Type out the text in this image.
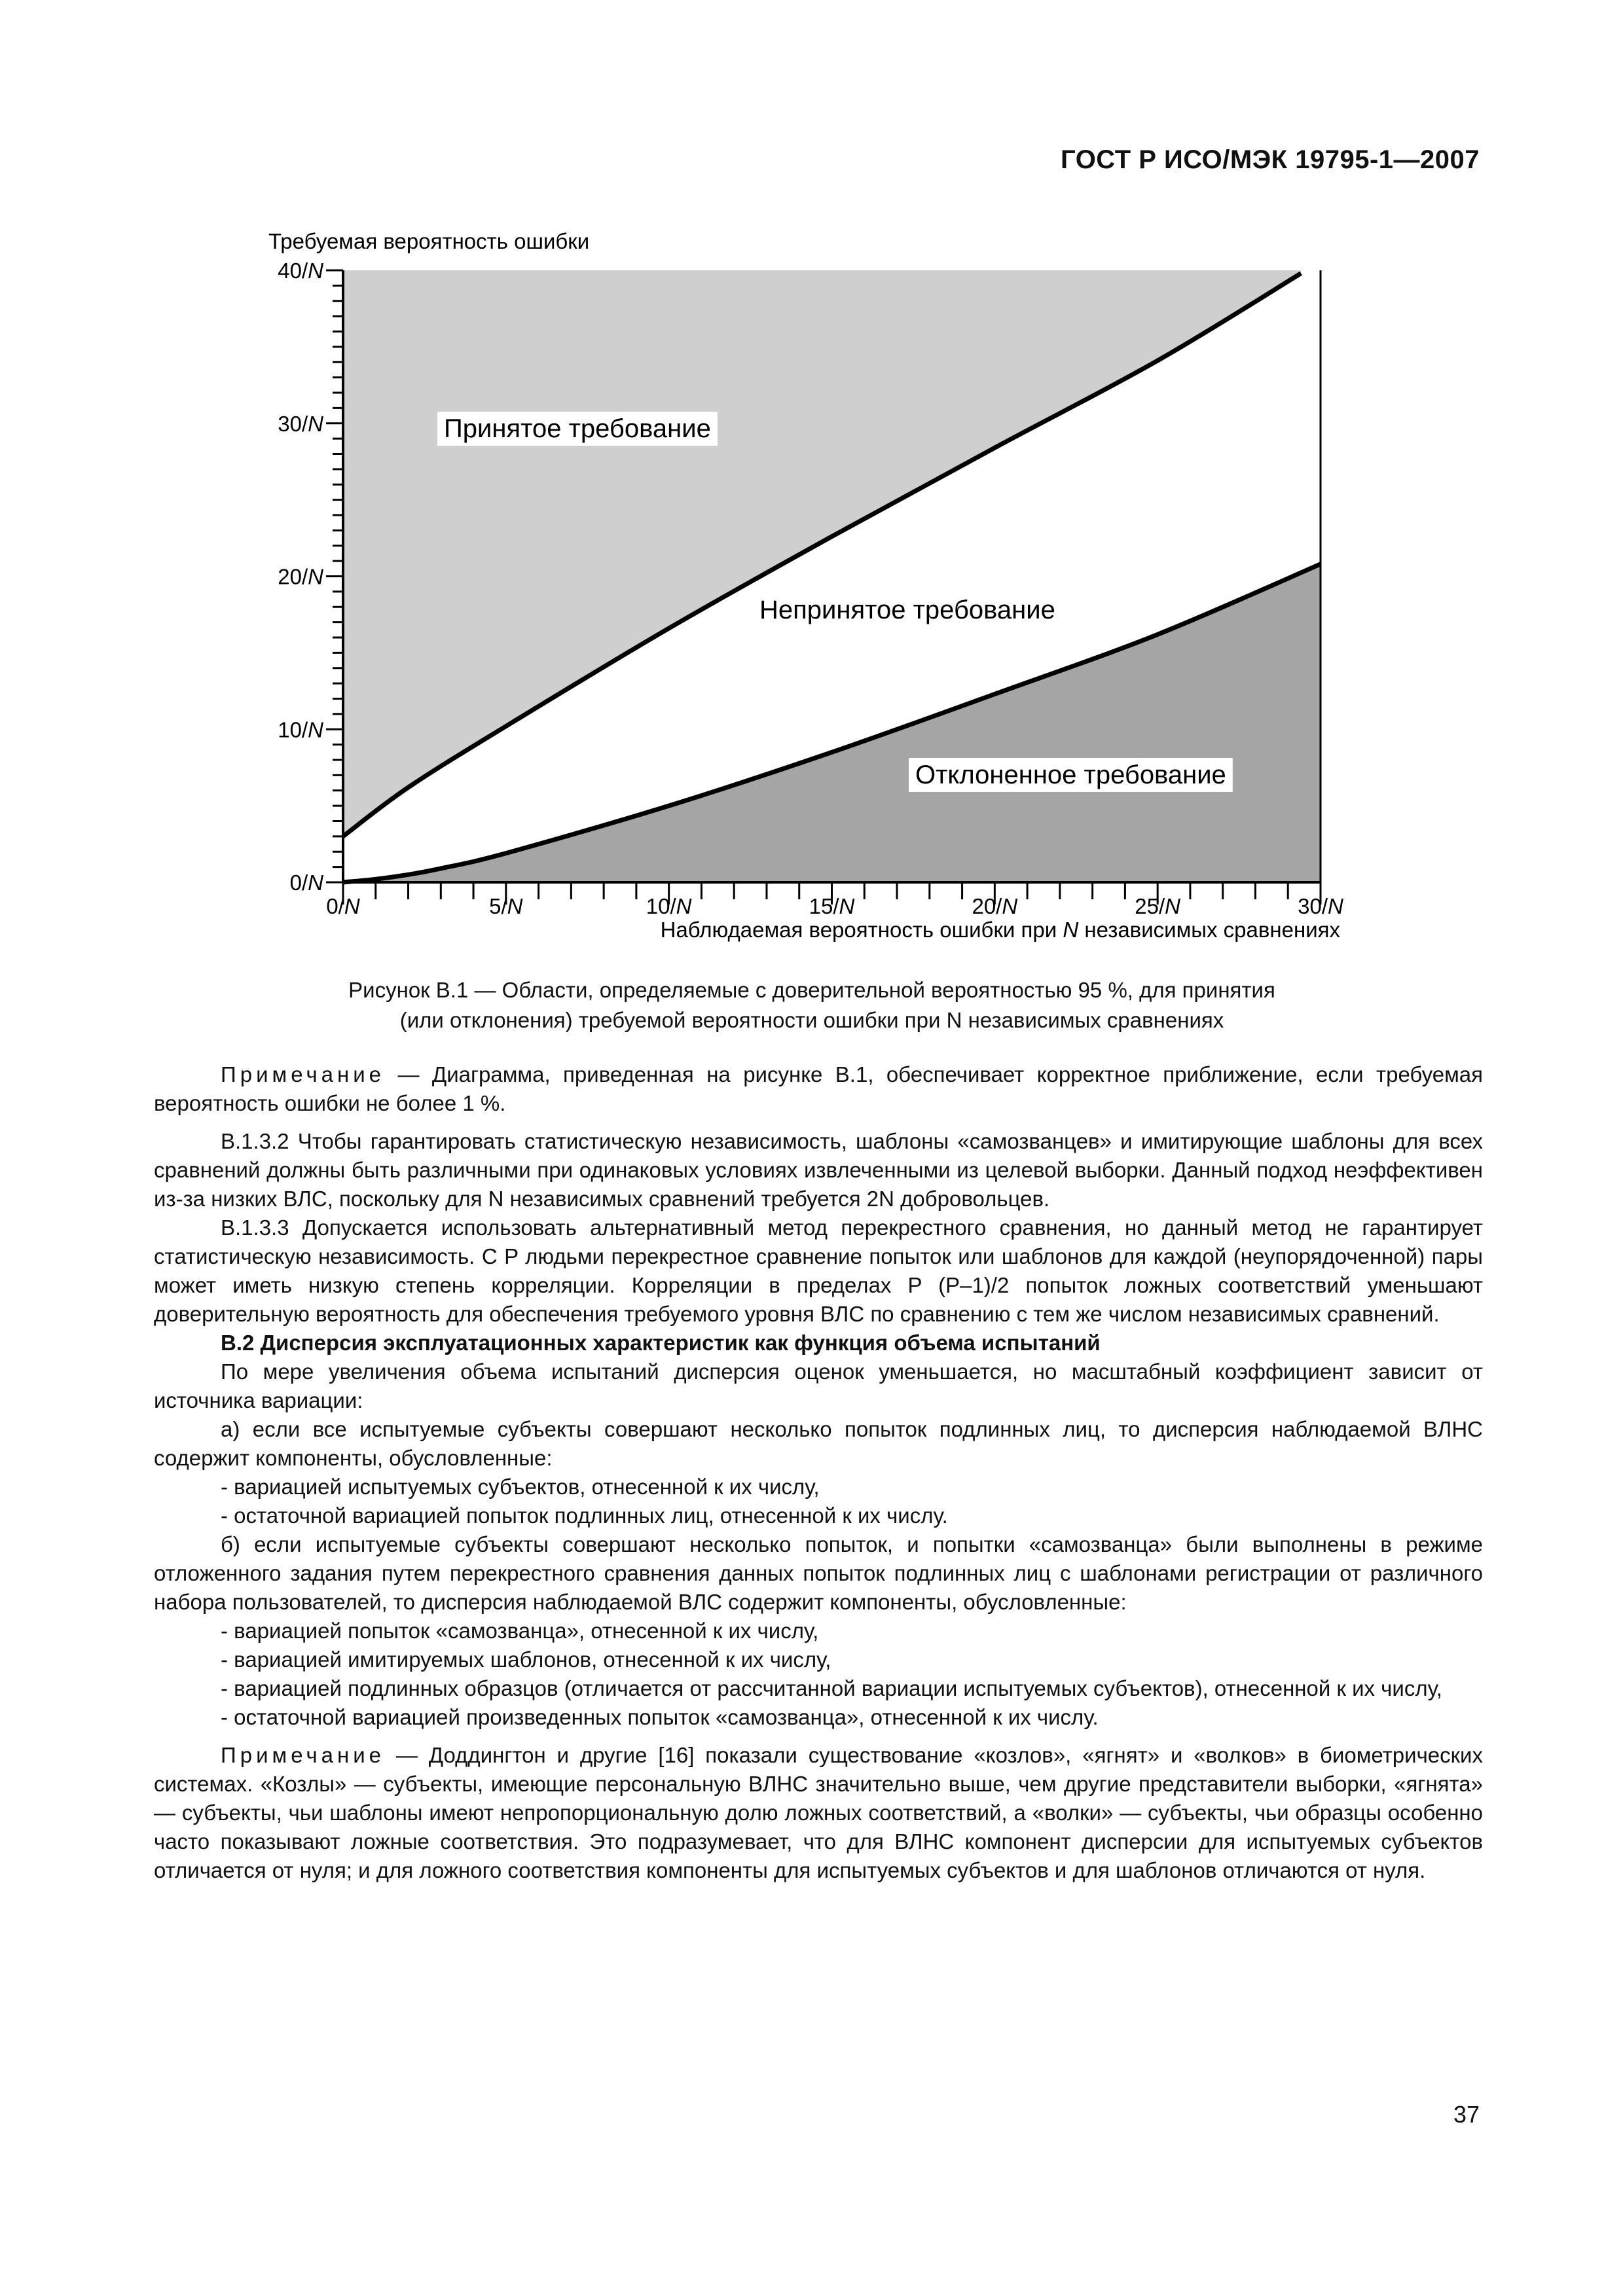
ГОСТ Р ИСО/МЭК 19795-1—2007
0/N
10/N
20/N
30/N
40/N
0/N	5/N	10/N	15/N	20/N	25/N	30/N
Требуемая вероятность ошибки
Наблюдаемая вероятность ошибки при N независимых сравнениях
Принятое требование
Непринятое требование
Отклоненное требование
Рисунок В.1 — Области, определяемые с доверительной вероятностью 95 %, для принятия
(или отклонения) требуемой вероятности ошибки при N независимых сравнениях

Примечание — Диаграмма, приведенная на рисунке В.1, обеспечивает корректное приближение, если требуемая вероятность ошибки не более 1 %.

В.1.3.2 Чтобы гарантировать статистическую независимость, шаблоны «самозванцев» и имитирующие шаблоны для всех сравнений должны быть различными при одинаковых условиях извлеченными из целевой выборки. Данный подход неэффективен из-за низких ВЛС, поскольку для N независимых сравнений требуется 2N добровольцев.

В.1.3.3 Допускается использовать альтернативный метод перекрестного сравнения, но данный метод не гарантирует статистическую независимость. С P людьми перекрестное сравнение попыток или шаблонов для каждой (неупорядоченной) пары может иметь низкую степень корреляции. Корреляции в пределах P (P–1)/2 попыток ложных соответствий уменьшают доверительную вероятность для обеспечения требуемого уровня ВЛС по сравнению с тем же числом независимых сравнений.

В.2 Дисперсия эксплуатационных характеристик как функция объема испытаний

По мере увеличения объема испытаний дисперсия оценок уменьшается, но масштабный коэффициент зависит от источника вариации:

а) если все испытуемые субъекты совершают несколько попыток подлинных лиц, то дисперсия наблюдаемой ВЛНС содержит компоненты, обусловленные:

- вариацией испытуемых субъектов, отнесенной к их числу,

- остаточной вариацией попыток подлинных лиц, отнесенной к их числу.

б) если испытуемые субъекты совершают несколько попыток, и попытки «самозванца» были выполнены в режиме отложенного задания путем перекрестного сравнения данных попыток подлинных лиц с шаблонами регистрации от различного набора пользователей, то дисперсия наблюдаемой ВЛС содержит компоненты, обусловленные:

- вариацией попыток «самозванца», отнесенной к их числу,

- вариацией имитируемых шаблонов, отнесенной к их числу,

- вариацией подлинных образцов (отличается от рассчитанной вариации испытуемых субъектов), отнесенной к их числу,

- остаточной вариацией произведенных попыток «самозванца», отнесенной к их числу.

Примечание — Доддингтон и другие [16] показали существование «козлов», «ягнят» и «волков» в биометрических системах. «Козлы» — субъекты, имеющие персональную ВЛНС значительно выше, чем другие представители выборки, «ягнята» — субъекты, чьи шаблоны имеют непропорциональную долю ложных соответствий, а «волки» — субъекты, чьи образцы особенно часто показывают ложные соответствия. Это подразумевает, что для ВЛНС компонент дисперсии для испытуемых субъектов отличается от нуля; и для ложного соответствия компоненты для испытуемых субъектов и для шаблонов отличаются от нуля.

37
